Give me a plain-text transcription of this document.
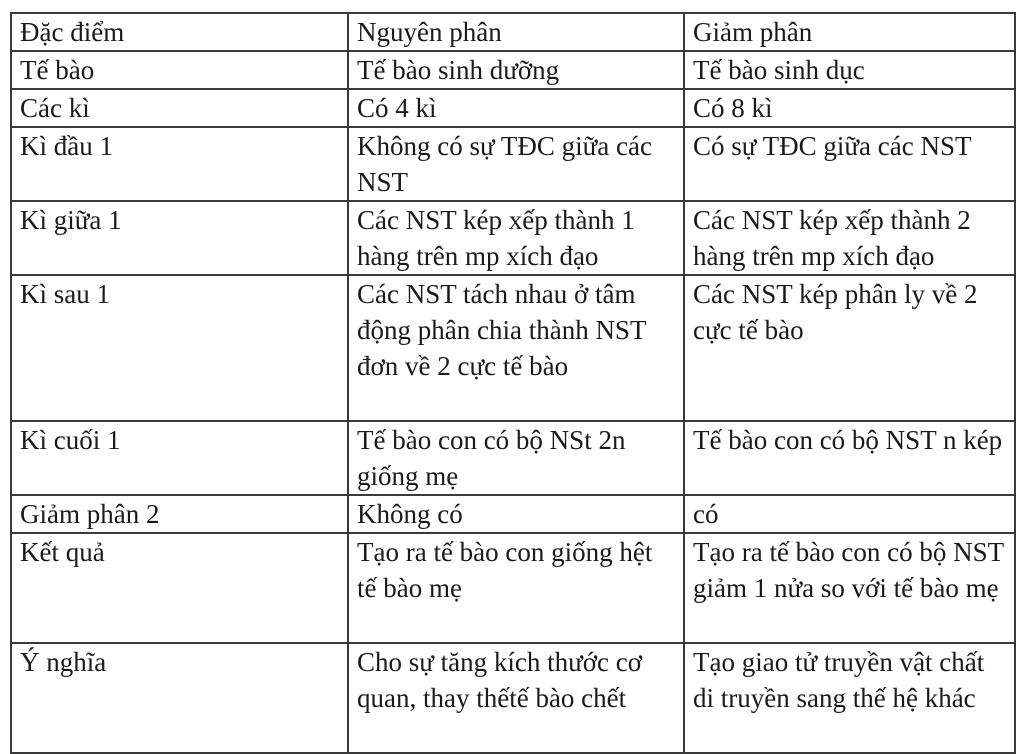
Đặc điểm	Nguyên phân	Giảm phân

Tế bào	Tế bào sinh dưỡng	Tế bào sinh dục

Các kì	Có 4 kì	Có 8 kì

Kì đầu 1	Không có sự TĐC giữa các NST	Có sự TĐC giữa các NST

Kì giữa 1	Các NST kép xếp thành 1 hàng trên mp xích đạo	Các NST kép xếp thành 2 hàng trên mp xích đạo

Kì sau 1	Các NST tách nhau ở tâm động phân chia thành NST đơn về 2 cực tế bào	Các NST kép phân ly về 2 cực tế bào

Kì cuối 1	Tế bào con có bộ NSt 2n giống mẹ	Tế bào con có bộ NST n kép

Giảm phân 2	Không có	có

Kết quả	Tạo ra tế bào con giống hệt tế bào mẹ	Tạo ra tế bào con có bộ NST giảm 1 nửa so với tế bào mẹ

Ý nghĩa	Cho sự tăng kích thước cơ quan, thay thếtế bào chết	Tạo giao tử truyền vật chất di truyền sang thế hệ khác
